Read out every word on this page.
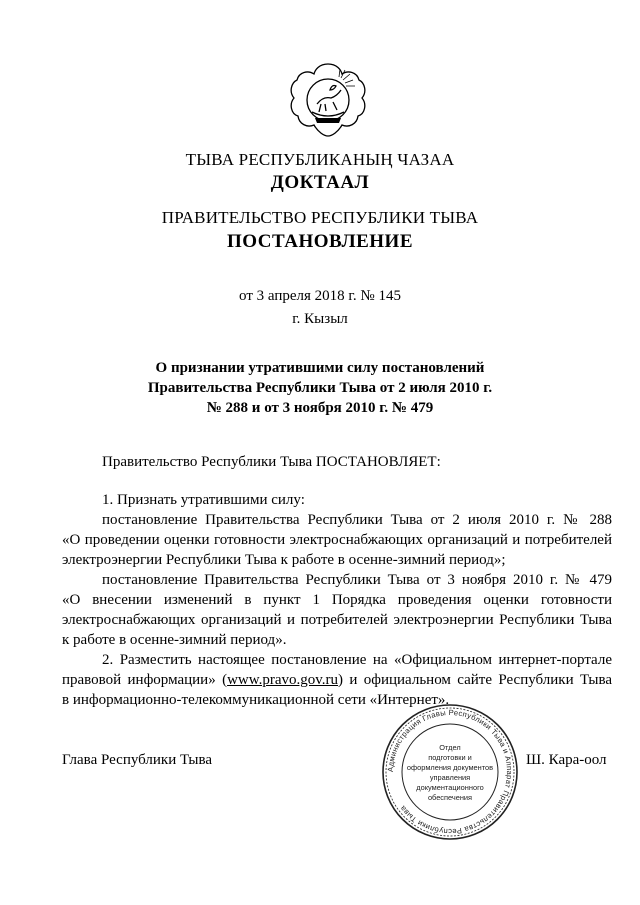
ТЫВА РЕСПУБЛИКАНЫҢ ЧАЗАА
ДОКТААЛ
ПРАВИТЕЛЬСТВО РЕСПУБЛИКИ ТЫВА
ПОСТАНОВЛЕНИЕ
от 3 апреля 2018 г. № 145
г. Кызыл
О признании утратившими силу постановлений
Правительства Республики Тыва от 2 июля 2010 г.
№ 288 и от 3 ноября 2010 г. № 479
Правительство Республики Тыва ПОСТАНОВЛЯЕТ:
1. Признать утратившими силу:
постановление Правительства Республики Тыва от 2 июля 2010 г. № 288
«О проведении оценки готовности электроснабжающих организаций и потребителей
электроэнергии Республики Тыва к работе в осенне-зимний период»;
постановление Правительства Республики Тыва от 3 ноября 2010 г. № 479
«О внесении изменений в пункт 1 Порядка проведения оценки готовности
электроснабжающих организаций и потребителей электроэнергии Республики Тыва
к работе в осенне-зимний период».
2. Разместить настоящее постановление на «Официальном интернет-портале
правовой информации» (www.pravo.gov.ru) и официальном сайте Республики Тыва
в информационно-телекоммуникационной сети «Интернет».
Глава Республики Тыва
Администрация Главы Республики Тыва и Аппарат Правительства Республики Тыва
Отдел
подготовки и
оформления документов
управления
документационного
обеспечения
Ш. Кара-оол
